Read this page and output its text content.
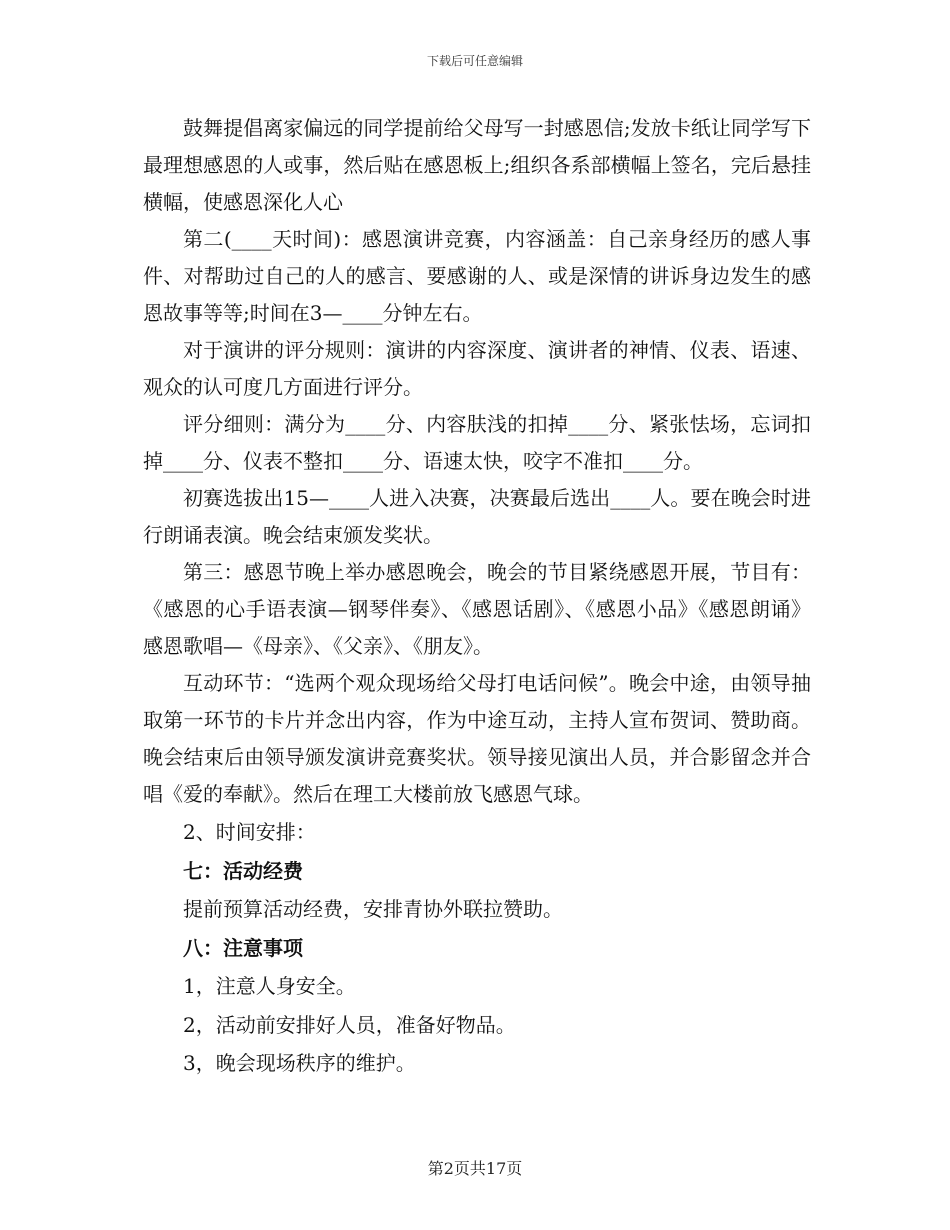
下载后可任意编辑

鼓舞提倡离家偏远的同学提前给父母写一封感恩信;发放卡纸让同学写下最理想感恩的人或事，然后贴在感恩板上;组织各系部横幅上签名，完后悬挂横幅，使感恩深化人心

第二(____天时间)：感恩演讲竞赛，内容涵盖：自己亲身经历的感人事件、对帮助过自己的人的感言、要感谢的人、或是深情的讲诉身边发生的感恩故事等等;时间在3—____分钟左右。

对于演讲的评分规则：演讲的内容深度、演讲者的神情、仪表、语速、观众的认可度几方面进行评分。

评分细则：满分为____分、内容肤浅的扣掉____分、紧张怯场，忘词扣掉____分、仪表不整扣____分、语速太快，咬字不准扣____分。

初赛选拔出15—____人进入决赛，决赛最后选出____人。要在晚会时进行朗诵表演。晚会结束颁发奖状。

第三：感恩节晚上举办感恩晚会，晚会的节目紧绕感恩开展，节目有：《感恩的心手语表演—钢琴伴奏》、《感恩话剧》、《感恩小品》《感恩朗诵》感恩歌唱—《母亲》、《父亲》、《朋友》。

互动环节：“选两个观众现场给父母打电话问候”。晚会中途，由领导抽取第一环节的卡片并念出内容，作为中途互动，主持人宣布贺词、赞助商。晚会结束后由领导颁发演讲竞赛奖状。领导接见演出人员，并合影留念并合唱《爱的奉献》。然后在理工大楼前放飞感恩气球。

2、时间安排：

七：活动经费

提前预算活动经费，安排青协外联拉赞助。

八：注意事项

1，注意人身安全。

2，活动前安排好人员，准备好物品。

3，晚会现场秩序的维护。

第2页共17页
